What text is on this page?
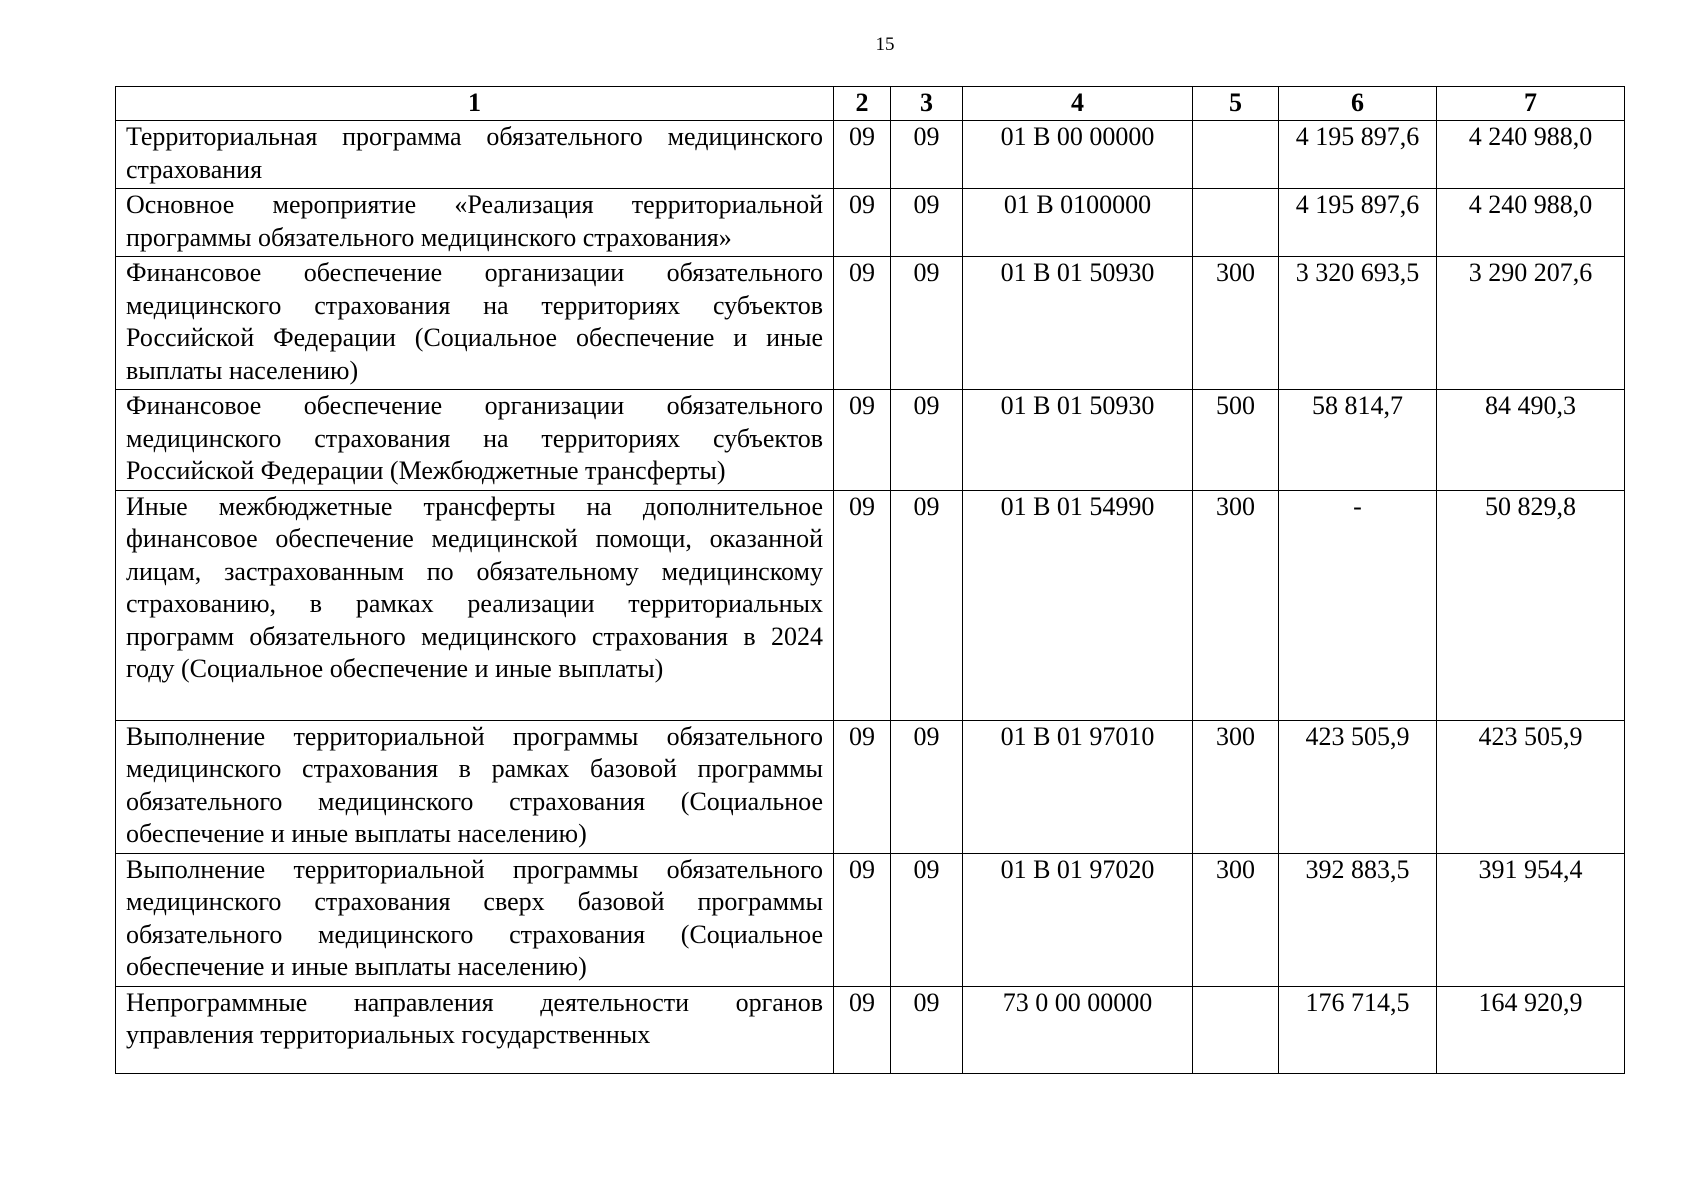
15
1	2	3	4	5	6	7
Территориальная программа обязательного медицинского страхования	09	09	01 В 00 00000		4 195 897,6	4 240 988,0
Основное мероприятие «Реализация территориальной программы обязательного медицинского страхования»	09	09	01 В 0100000		4 195 897,6	4 240 988,0
Финансовое обеспечение организации обязательного медицинского страхования на территориях субъектов Российской Федерации (Социальное обеспечение и иные выплаты населению)	09	09	01 В 01 50930	300	3 320 693,5	3 290 207,6
Финансовое обеспечение организации обязательного медицинского страхования на территориях субъектов Российской Федерации (Межбюджетные трансферты)	09	09	01 В 01 50930	500	58 814,7	84 490,3
Иные межбюджетные трансферты на дополнительное финансовое обеспечение медицинской помощи, оказанной лицам, застрахованным по обязательному медицинскому страхованию, в рамках реализации территориальных программ обязательного медицинского страхования в 2024 году (Социальное обеспечение и иные выплаты)	09	09	01 В 01 54990	300	-	50 829,8
Выполнение территориальной программы обязательного медицинского страхования в рамках базовой программы обязательного медицинского страхования (Социальное обеспечение и иные выплаты населению)	09	09	01 В 01 97010	300	423 505,9	423 505,9
Выполнение территориальной программы обязательного медицинского страхования сверх базовой программы обязательного медицинского страхования (Социальное обеспечение и иные выплаты населению)	09	09	01 В 01 97020	300	392 883,5	391 954,4
Непрограммные направления деятельности органов управления территориальных государственных	09	09	73 0 00 00000		176 714,5	164 920,9
